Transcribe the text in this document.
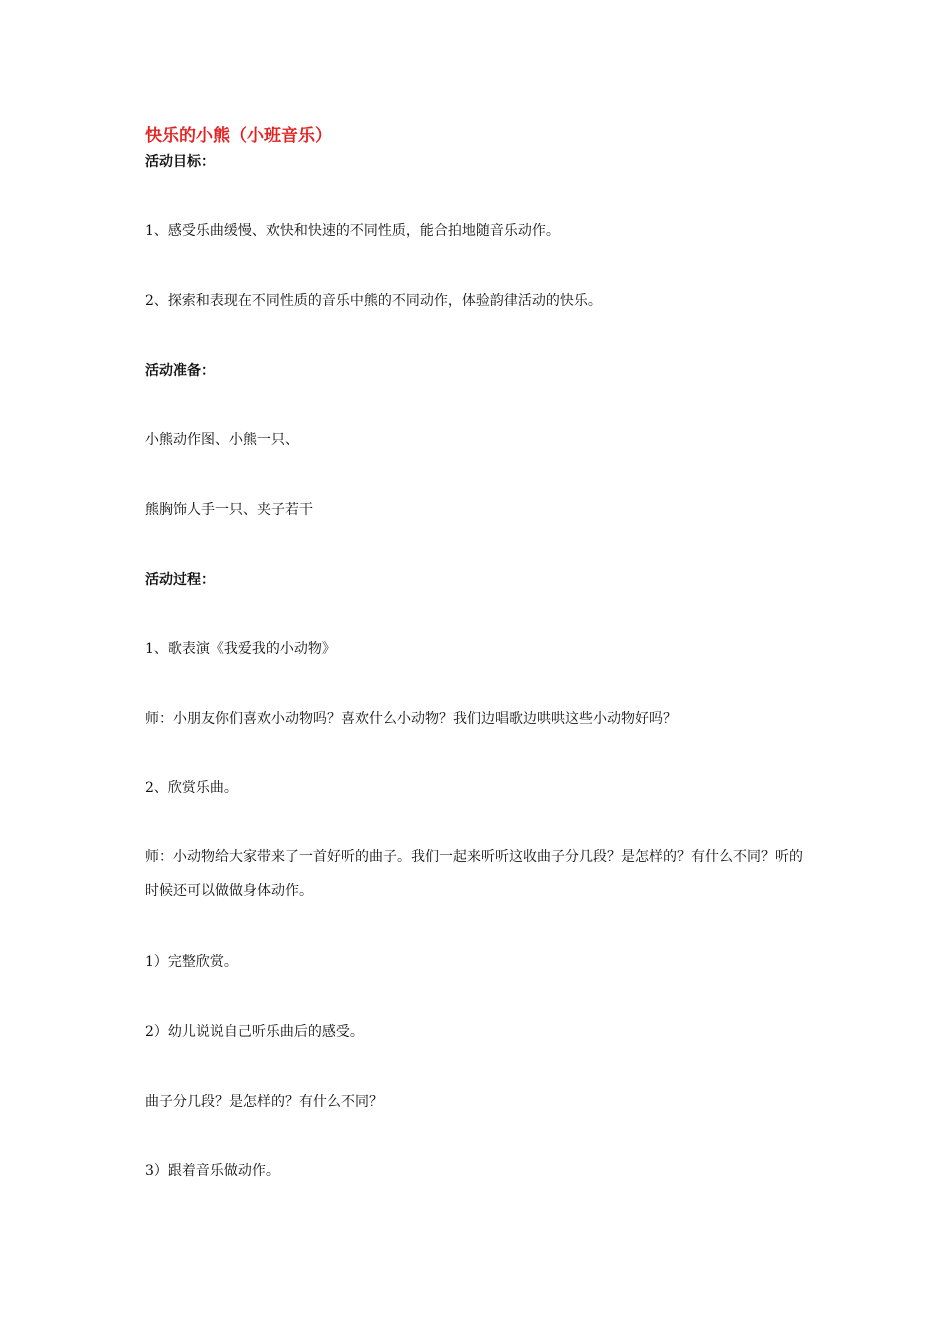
快乐的小熊（小班音乐）

活动目标：

1、感受乐曲缓慢、欢快和快速的不同性质，能合拍地随音乐动作。

2、探索和表现在不同性质的音乐中熊的不同动作，体验韵律活动的快乐。

活动准备：

小熊动作图、小熊一只、

熊胸饰人手一只、夹子若干

活动过程：

1、歌表演《我爱我的小动物》

师：小朋友你们喜欢小动物吗？喜欢什么小动物？我们边唱歌边哄哄这些小动物好吗？

2、欣赏乐曲。

师：小动物给大家带来了一首好听的曲子。我们一起来听听这收曲子分几段？是怎样的？有什么不同？听的时候还可以做做身体动作。

1）完整欣赏。

2）幼儿说说自己听乐曲后的感受。

曲子分几段？是怎样的？有什么不同？

3）跟着音乐做动作。
